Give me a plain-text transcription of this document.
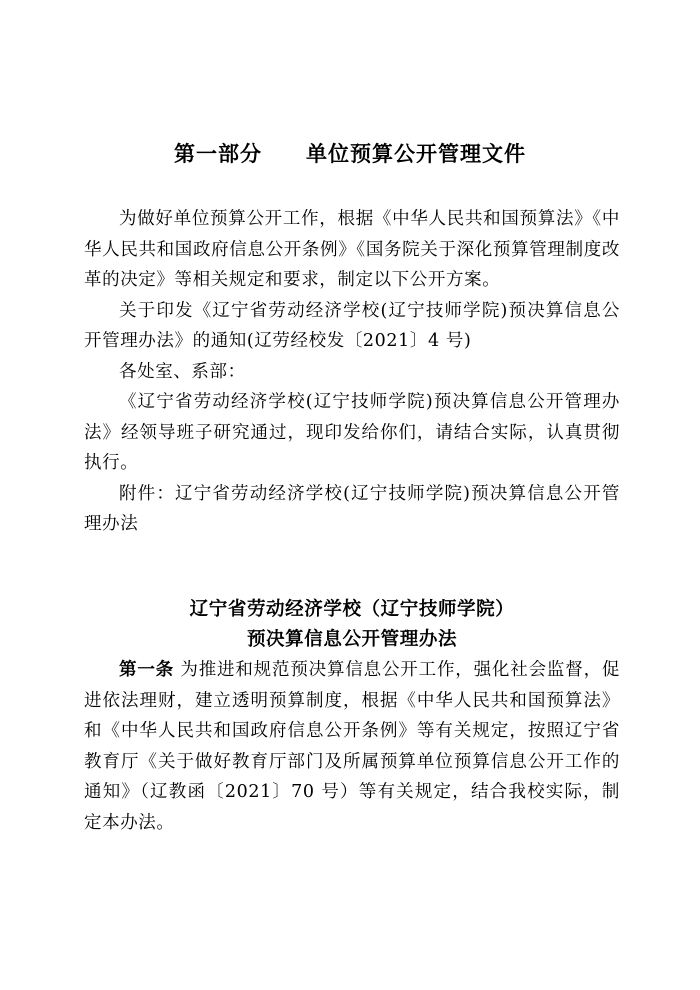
第一部分　　单位预算公开管理文件

为做好单位预算公开工作，根据《中华人民共和国预算法》《中华人民共和国政府信息公开条例》《国务院关于深化预算管理制度改革的决定》等相关规定和要求，制定以下公开方案。

关于印发《辽宁省劳动经济学校(辽宁技师学院)预决算信息公开管理办法》的通知(辽劳经校发〔2021〕4 号)

各处室、系部：

《辽宁省劳动经济学校(辽宁技师学院)预决算信息公开管理办法》经领导班子研究通过，现印发给你们，请结合实际，认真贯彻执行。

附件：辽宁省劳动经济学校(辽宁技师学院)预决算信息公开管理办法

辽宁省劳动经济学校（辽宁技师学院）

预决算信息公开管理办法

第一条 为推进和规范预决算信息公开工作，强化社会监督，促进依法理财，建立透明预算制度，根据《中华人民共和国预算法》和《中华人民共和国政府信息公开条例》等有关规定，按照辽宁省教育厅《关于做好教育厅部门及所属预算单位预算信息公开工作的通知》（辽教函〔2021〕70 号）等有关规定，结合我校实际，制定本办法。
